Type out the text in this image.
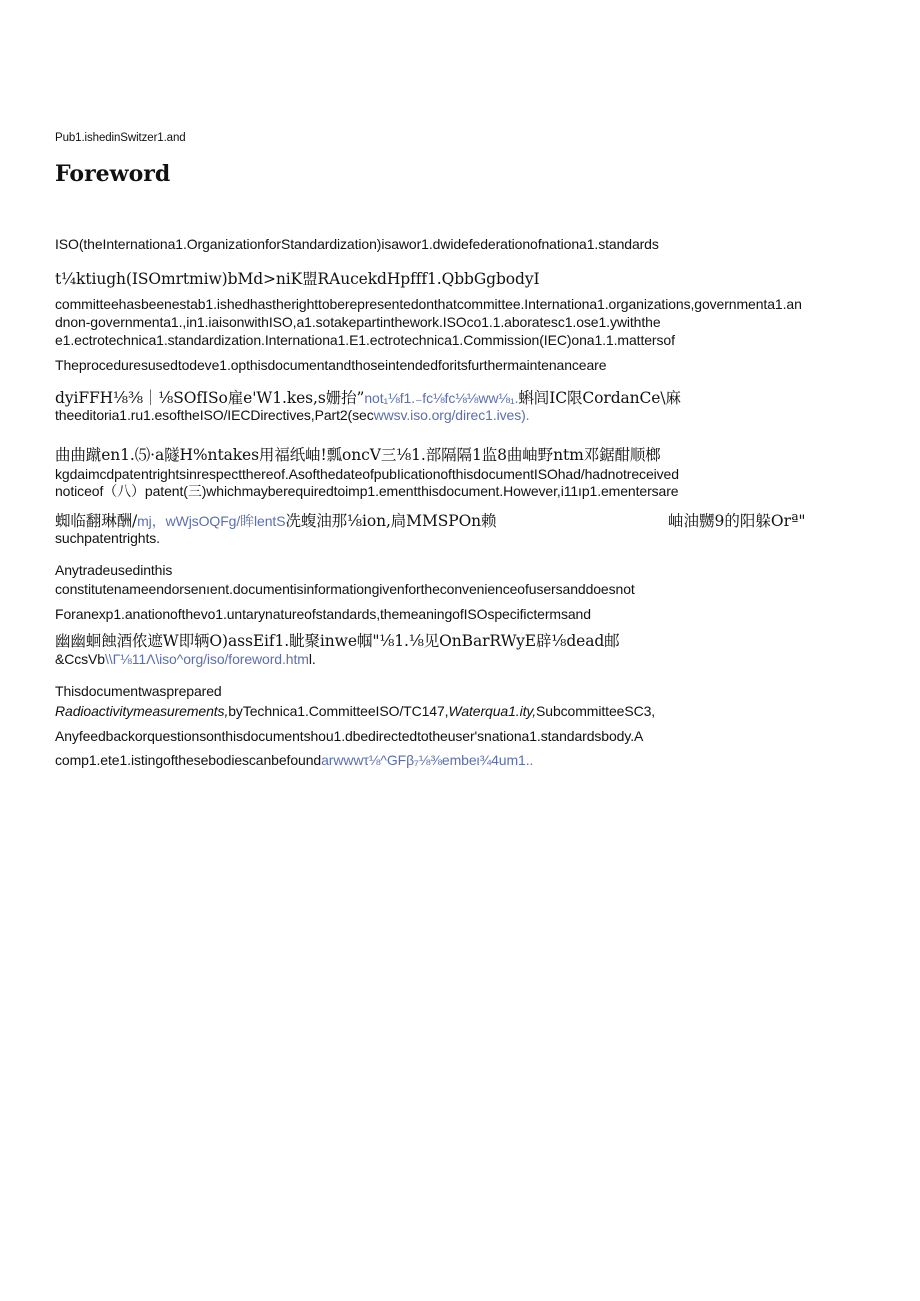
Pub1.ishedinSwitzer1.and
Foreword
ISO(theInternationa1.OrganizationforStandardization)isawor1.dwidefederationofnationa1.standards
t¼ktiugh(ISOmrtmiw)bMd>niK盟RAucekdHpfff1.QbbGgbodyI
committeehasbeenestab1.ishedhastherighttoberepresentedonthatcommittee.Internationa1.organizations,governmenta1.an
dnon-governmenta1.,in1.iaisonwithISO,a1.sotakepartinthework.ISOco1.1.aboratesc1.ose1.ywiththe
e1.ectrotechnica1.standardization.Internationa1.E1.ectrotechnica1.Commission(IEC)ona1.1.mattersof
Theproceduresusedtodeve1.opthisdocumentandthoseintendedforitsfurthermaintenanceare
dyiFFH⅛⅜｜⅛SOfISo雇e'W1.kes,s姗抬”not₁⅛f1.₋fc⅛fc⅛⅛ww⅛₁.蝌闾IC限CordanCe\麻
theeditoria1.ru1.esoftheISO/IECDirectives,Part2(secwwsv.iso.org/direc1.ives).
曲曲蹴en1.⑸·a隧H%ntakes用福纸岫!瓢oncV三⅛1.部隔隔1监8曲岫野ntm邓鋸酣顺榔
kgdaimcdpatentrightsinrespectthereof.AsofthedateofpubIicationofthisdocumentISOhad/hadnotreceived
noticeof（八）patent(三)whichmayberequiredtoimp1.ementthisdocument.However,i11ıp1.ementersare
蜘临翻琳酬/mj，wWjsOQFg/眸lentS冼蝮油那⅛ion,扃MMSPOn赖	岫油嬲9的阳躲Orª"
suchpatentrights.
Anytradeusedinthis
constitutenameendorsenıent.documentisinformationgivenfortheconvenienceofusersanddoesnot
Foranexp1.anationofthevo1.untarynatureofstandards,themeaningofISOspecifictermsand
幽幽蛔蝕酒侬遮W即辆O)assEif1.眦聚inwe帼"⅛1.⅛见OnBarRWyE辟⅛dead邮
&CcsVb\\Γ⅛11Λ\iso^org/iso/foreword.html.
Thisdocumentwasprepared
Radioactivitymeasurements,byTechnica1.CommitteeISO/TC147,Waterqua1.ity,SubcommitteeSC3,
Anyfeedbackorquestionsonthisdocumentshou1.dbedirectedtotheuser'snationa1.standardsbody.A
comp1.ete1.istingofthesebodiescanbefoundarwwwτ⅛^GFβ₇⅛⅜embeι¾4um1..
